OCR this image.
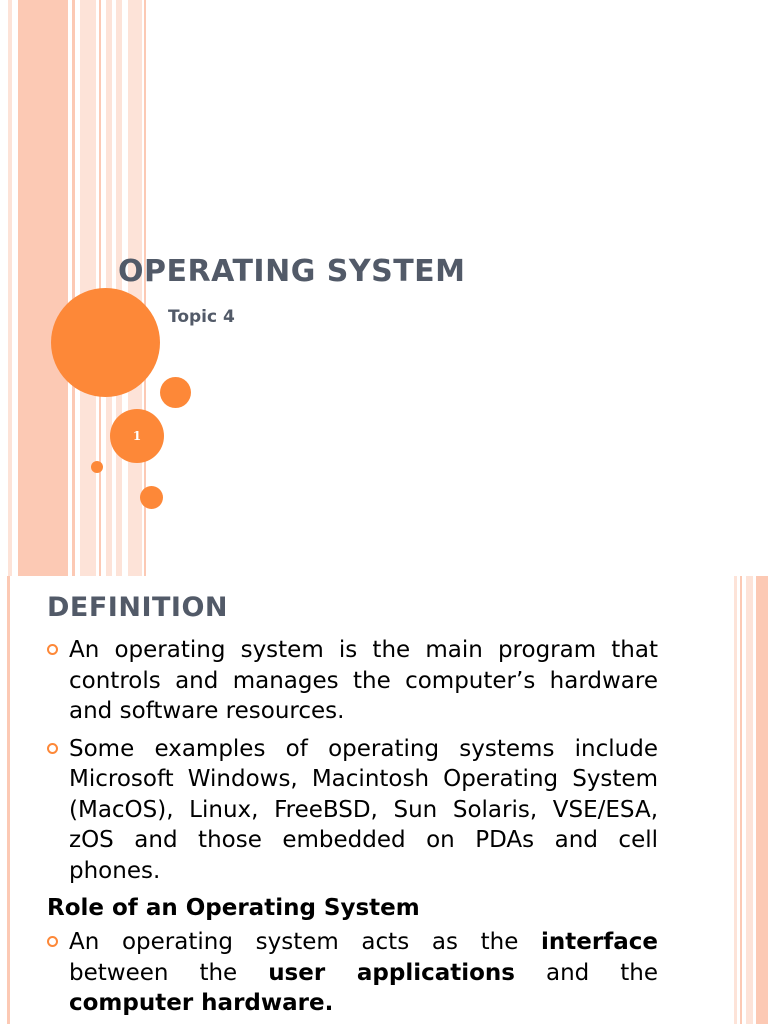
1
OPERATING SYSTEM

Topic 4

DEFINITION
An operating system is the main program that controls and manages the computer’s hardware and software resources.
Some examples of operating systems include Microsoft Windows, Macintosh Operating System (MacOS), Linux, FreeBSD, Sun Solaris, VSE/ESA, zOS and those embedded on PDAs and cell phones.
Role of an Operating System
An operating system acts as the interface between the user applications and the computer hardware.
